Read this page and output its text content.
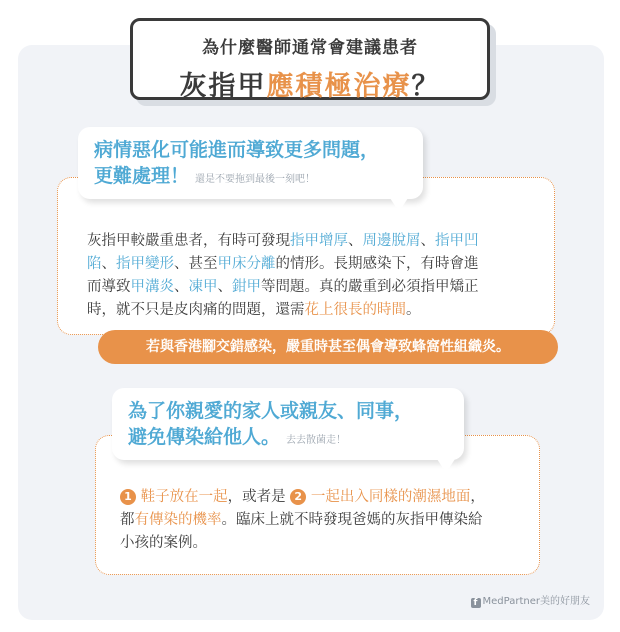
為什麼醫師通常會建議患者
灰指甲應積極治療？
病情惡化可能進而導致更多問題，
更難處理！ 還是不要拖到最後一刻吧！
灰指甲較嚴重患者，有時可發現指甲增厚、周邊脫屑、指甲凹
陷、指甲變形、甚至甲床分離的情形。長期感染下，有時會進
而導致甲溝炎、凍甲、鉗甲等問題。真的嚴重到必須指甲矯正
時，就不只是皮肉痛的問題，還需花上很長的時間。
若與香港腳交錯感染，嚴重時甚至偶會導致蜂窩性組織炎。
為了你親愛的家人或親友、同事，
避免傳染給他人。 去去散菌走！
1 鞋子放在一起，或者是 2 一起出入同樣的潮濕地面，
都有傳染的機率。臨床上就不時發現爸媽的灰指甲傳染給
小孩的案例。
f MedPartner美的好朋友
